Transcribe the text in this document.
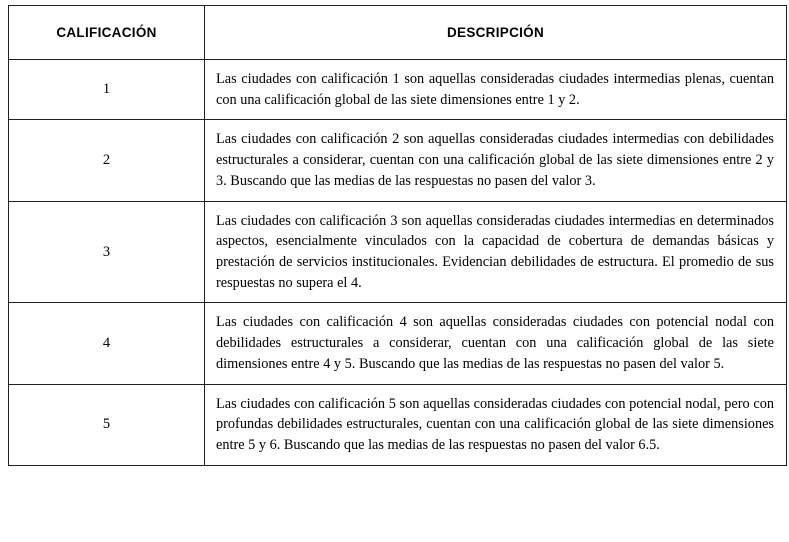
CALIFICACIÓN	DESCRIPCIÓN
1	Las ciudades con calificación 1 son aquellas consideradas ciudades intermedias plenas, cuentan con una calificación global de las siete dimensiones entre 1 y 2.
2	Las ciudades con calificación 2 son aquellas consideradas ciudades intermedias con debilidades estructurales a considerar, cuentan con una calificación global de las siete dimensiones entre 2 y 3. Buscando que las medias de las respuestas no pasen del valor 3.
3	Las ciudades con calificación 3 son aquellas consideradas ciudades intermedias en determinados aspectos, esencialmente vinculados con la capacidad de cobertura de demandas básicas y prestación de servicios institucionales. Evidencian debilidades de estructura. El promedio de sus respuestas no supera el 4.
4	Las ciudades con calificación 4 son aquellas consideradas ciudades con potencial nodal con debilidades estructurales a considerar, cuentan con una calificación global de las siete dimensiones entre 4 y 5. Buscando que las medias de las respuestas no pasen del valor 5.
5	Las ciudades con calificación 5 son aquellas consideradas ciudades con potencial nodal, pero con profundas debilidades estructurales, cuentan con una calificación global de las siete dimensiones entre 5 y 6. Buscando que las medias de las respuestas no pasen del valor 6.5.
